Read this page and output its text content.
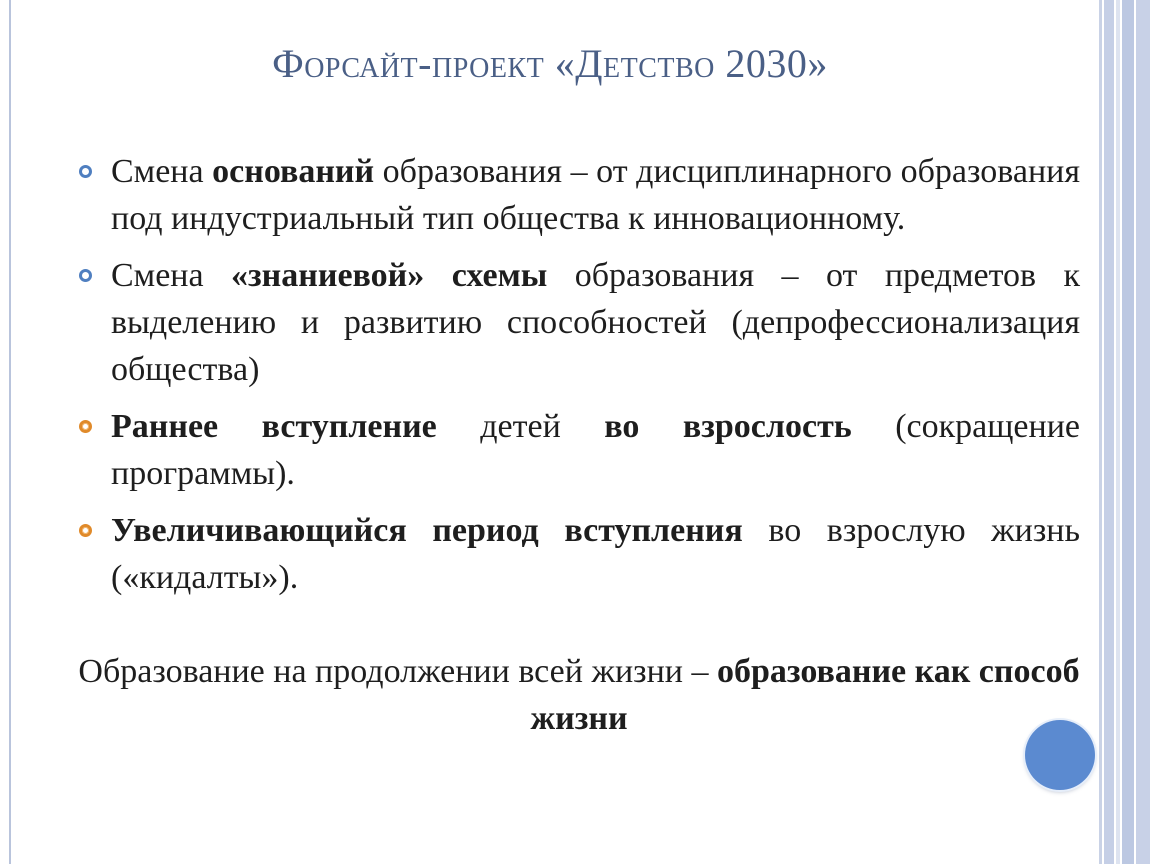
Форсайт-проект «Детство 2030»
Смена оснований образования – от дисциплинарного образования под индустриальный тип общества к инновационному.
Смена «знаниевой» схемы образования – от предметов к выделению и развитию способностей (депрофессионализация общества)
Раннее вступление детей во взрослость (сокращение программы).
Увеличивающийся период вступления во взрослую жизнь («кидалты»).
Образование на продолжении всей жизни – образование как способ жизни
